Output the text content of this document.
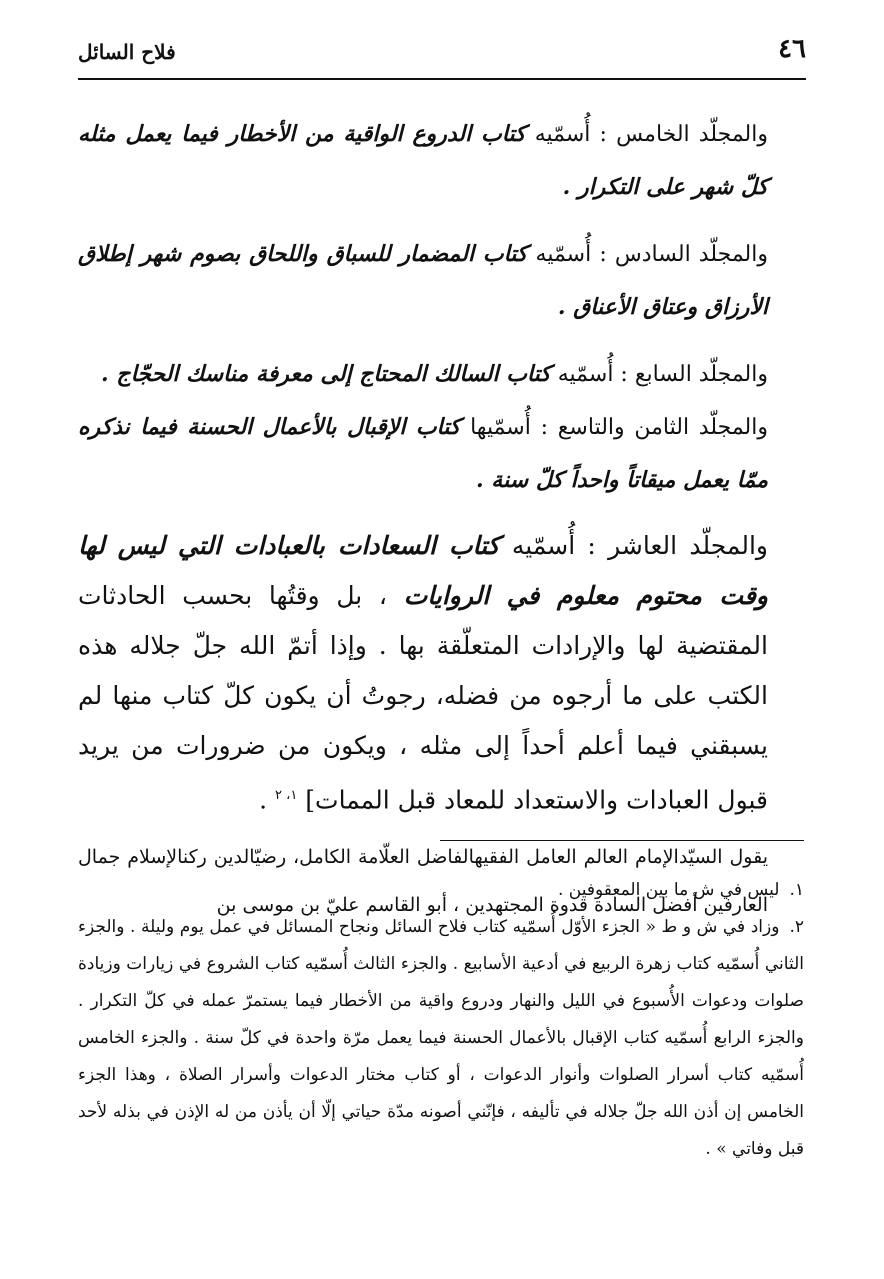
٤٦
فلاح السائل

والمجلّد الخامس : أُسمّيه كتاب الدروع الواقية من الأخطار فيما يعمل مثله كلّ شهر على التكرار .

والمجلّد السادس : أُسمّيه كتاب المضمار للسباق واللحاق بصوم شهر إطلاق الأرزاق وعتاق الأعناق .

والمجلّد السابع : أُسمّيه كتاب السالك المحتاج إلى معرفة مناسك الحجّاج .

والمجلّد الثامن والتاسع : أُسمّيها كتاب الإقبال بالأعمال الحسنة فيما نذكره ممّا يعمل ميقاتاً واحداً كلّ سنة .

والمجلّد العاشر : أُسمّيه كتاب السعادات بالعبادات التي ليس لها وقت محتوم معلوم في الروايات ، بل وقتُها بحسب الحادثات المقتضية لها والإرادات المتعلّقة بها . وإذا أتمّ الله جلّ جلاله هذه الكتب على ما أرجوه من فضله، رجوتُ أن يكون كلّ كتاب منها لم يسبقني فيما أعلم أحداً إلى مثله ، ويكون من ضرورات من يريد قبول العبادات والاستعداد للمعاد قبل الممات] $^{١، ٢}$ .

يقول السيّدالإمام العالم العامل الفقيهالفاضل العلّامة الكامل، رضيّالدين ركنالإسلام جمال العارفين أفضل السادة قدوة المجتهدين ، أبو القاسم عليّ بن موسى بن

١.ليس في ش ما بين المعقوفين .

٢.وزاد في ش و ط « الجزء الأوّل أُسمّيه كتاب فلاح السائل ونجاح المسائل في عمل يوم وليلة . والجزء الثاني أُسمّيه كتاب زهرة الربيع في أدعية الأسابيع . والجزء الثالث أُسمّيه كتاب الشروع في زيارات وزيادة صلوات ودعوات الأُسبوع في الليل والنهار ودروع واقية من الأخطار فيما يستمرّ عمله في كلّ التكرار . والجزء الرابع أُسمّيه كتاب الإقبال بالأعمال الحسنة فيما يعمل مرّة واحدة في كلّ سنة . والجزء الخامس أُسمّيه كتاب أسرار الصلوات وأنوار الدعوات ، أو كتاب مختار الدعوات وأسرار الصلاة ، وهذا الجزء الخامس إن أذن الله جلّ جلاله في تأليفه ، فإنّني أصونه مدّة حياتي إلّا أن يأذن من له الإذن في بذله لأحد قبل وفاتي » .
